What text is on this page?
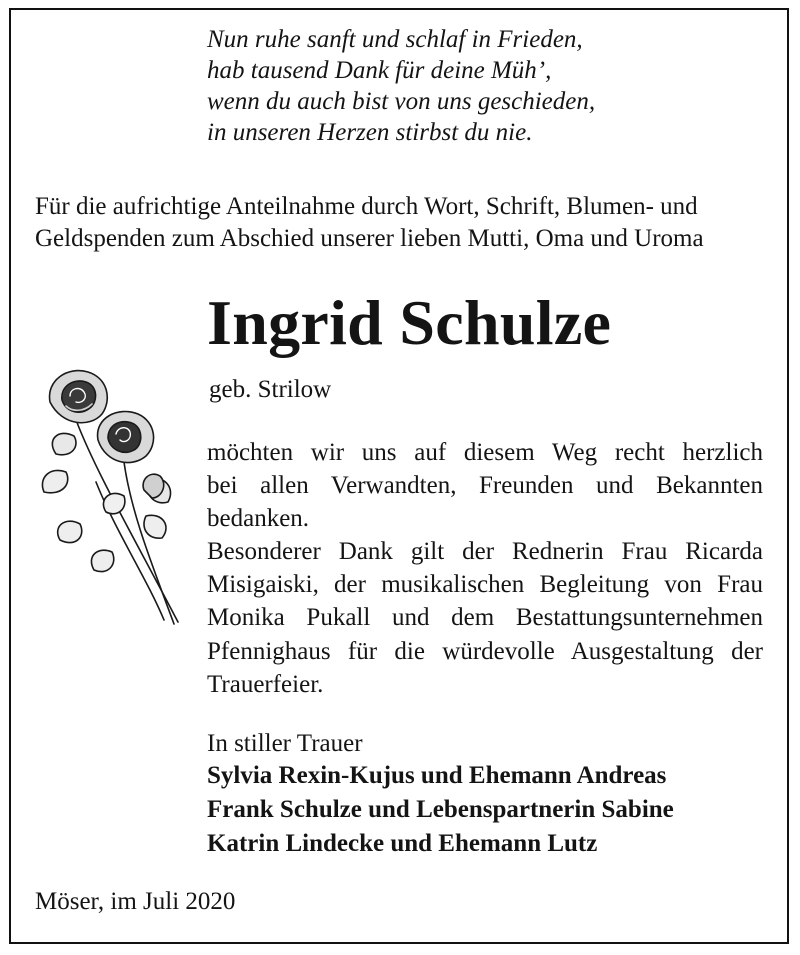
Nun ruhe sanft und schlaf in Frieden,
hab tausend Dank für deine Müh’,
wenn du auch bist von uns geschieden,
in unseren Herzen stirbst du nie.
Für die aufrichtige Anteilnahme durch Wort, Schrift, Blumen- und
Geldspenden zum Abschied unserer lieben Mutti, Oma und Uroma
Ingrid Schulze
geb. Strilow
möchten wir uns auf diesem Weg recht herzlich
bei allen Verwandten, Freunden und Bekannten
bedanken.
Besonderer Dank gilt der Rednerin Frau Ricarda
Misigaiski, der musikalischen Begleitung von Frau
Monika Pukall und dem Bestattungsunternehmen
Pfennighaus für die würdevolle Ausgestaltung der
Trauerfeier.
In stiller Trauer
Sylvia Rexin-Kujus und Ehemann Andreas
Frank Schulze und Lebenspartnerin Sabine
Katrin Lindecke und Ehemann Lutz
Möser, im Juli 2020
